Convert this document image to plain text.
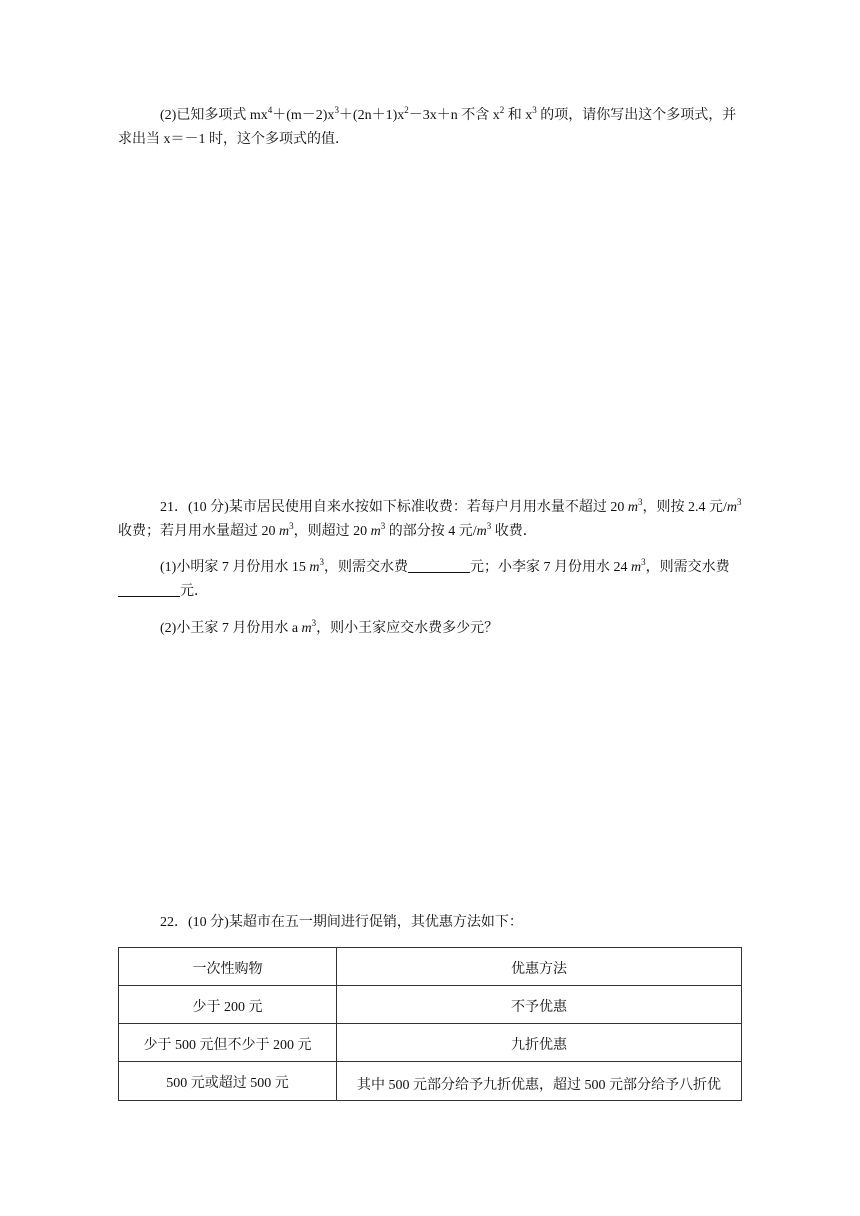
(2)已知多项式 $mx^4+(m-2)x^3+(2n+1)x^2-3x+n$ 不含 $x^2$ 和 $x^3$ 的项，请你写出这个多项式，并求出当 x＝－1 时，这个多项式的值．
21．(10 分)某市居民使用自来水按如下标准收费：若每户月用水量不超过 20 $m^3$，则按 2.4 元$/m^3$ 收费；若月用水量超过 20 $m^3$，则超过 20 $m^3$ 的部分按 4 元$/m^3$ 收费．
(1)小明家 7 月份用水 15 $m^3$，则需交水费	元；小李家 7 月份用水 24 $m^3$，则需交水费元．
(2)小王家 7 月份用水 a $m^3$，则小王家应交水费多少元？
22．(10 分)某超市在五一期间进行促销，其优惠方法如下：
一次性购物	优惠方法
少于 200 元	不予优惠
少于 500 元但不少于 200 元	九折优惠
500 元或超过 500 元	其中 500 元部分给予九折优惠，超过 500 元部分给予八折优
